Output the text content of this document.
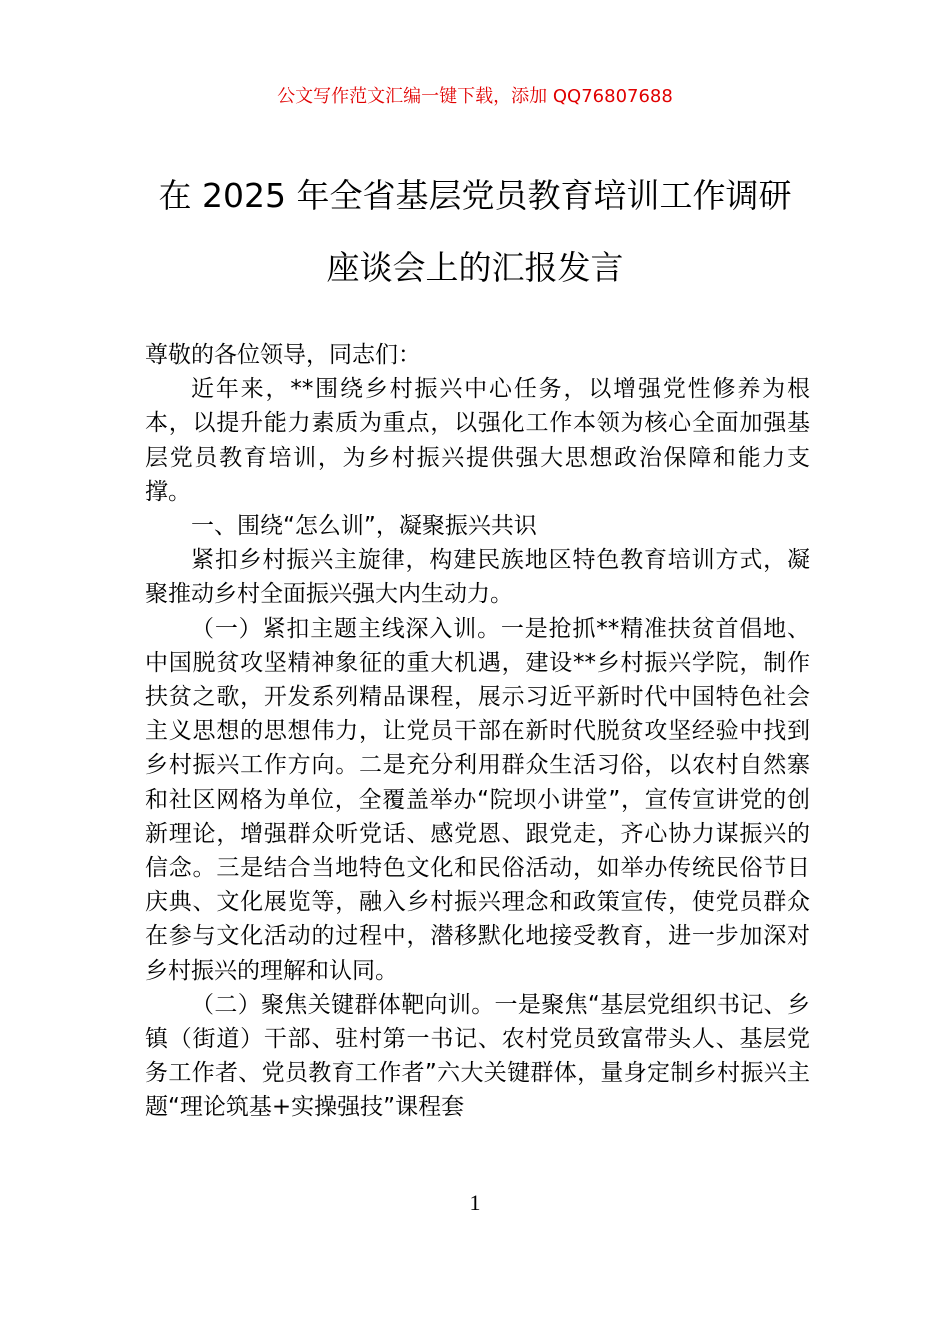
公文写作范文汇编一键下载，添加 QQ76807688
在 2025 年全省基层党员教育培训工作调研
座谈会上的汇报发言

尊敬的各位领导，同志们：

近年来，**围绕乡村振兴中心任务，以增强党性修养为根本，以提升能力素质为重点，以强化工作本领为核心全面加强基层党员教育培训，为乡村振兴提供强大思想政治保障和能力支撑。

一、围绕“怎么训”，凝聚振兴共识

紧扣乡村振兴主旋律，构建民族地区特色教育培训方式，凝聚推动乡村全面振兴强大内生动力。

（一）紧扣主题主线深入训。一是抢抓**精准扶贫首倡地、中国脱贫攻坚精神象征的重大机遇，建设**乡村振兴学院，制作扶贫之歌，开发系列精品课程，展示习近平新时代中国特色社会主义思想的思想伟力，让党员干部在新时代脱贫攻坚经验中找到乡村振兴工作方向。二是充分利用群众生活习俗，以农村自然寨和社区网格为单位，全覆盖举办“院坝小讲堂”，宣传宣讲党的创新理论，增强群众听党话、感党恩、跟党走，齐心协力谋振兴的信念。三是结合当地特色文化和民俗活动，如举办传统民俗节日庆典、文化展览等，融入乡村振兴理念和政策宣传，使党员群众在参与文化活动的过程中，潜移默化地接受教育，进一步加深对乡村振兴的理解和认同。

（二）聚焦关键群体靶向训。一是聚焦“基层党组织书记、乡镇（街道）干部、驻村第一书记、农村党员致富带头人、基层党务工作者、党员教育工作者”六大关键群体，量身定制乡村振兴主题“理论筑基+实操强技”课程套

1
